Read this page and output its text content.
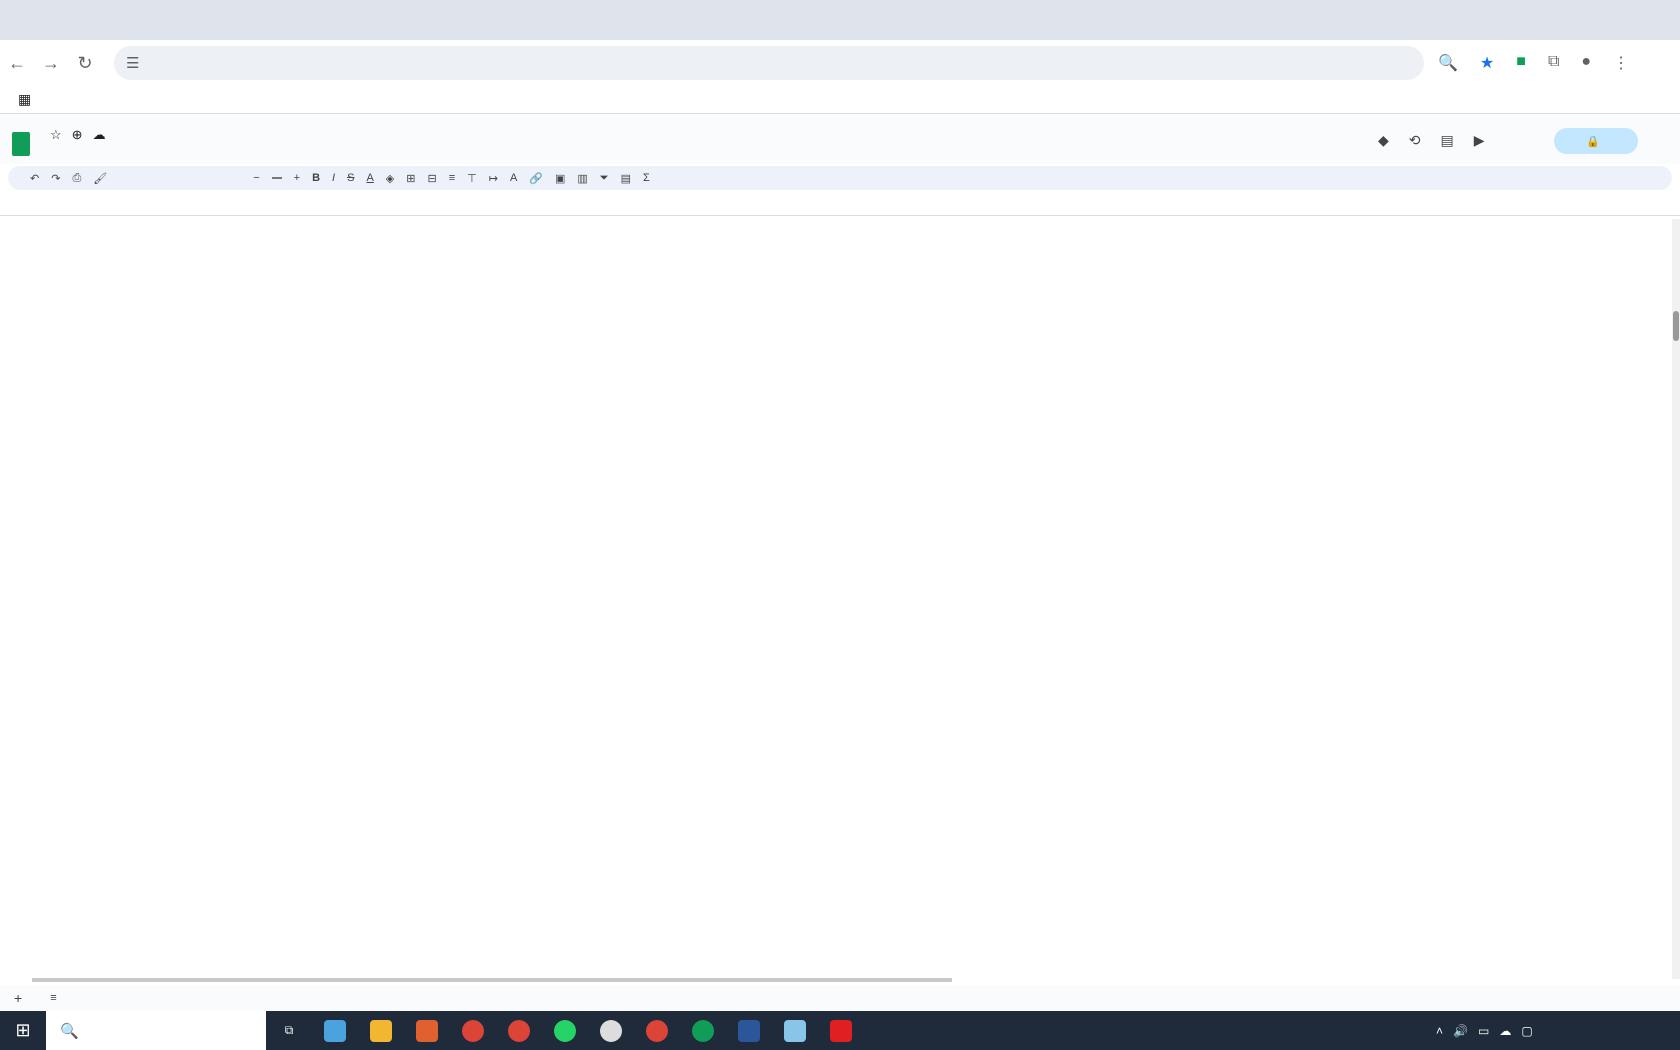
← → ↻	☰	🔍 ★ ■ ⧉ ● ⋮
▦
☆ ⊕ ☁	◆ ⟲ ▤ ▶	🔒
↶ ↷ ⎙ 🖌	−	+ B I S A ◈ ⊞ ⊟ ≡ ⊤ ↦ A 🔗 ▣ ▥ ⏷ ▤ Σ
+	≡
⊞	🔍	⧉	˄ 🔊 ▭ ☁ ▢
